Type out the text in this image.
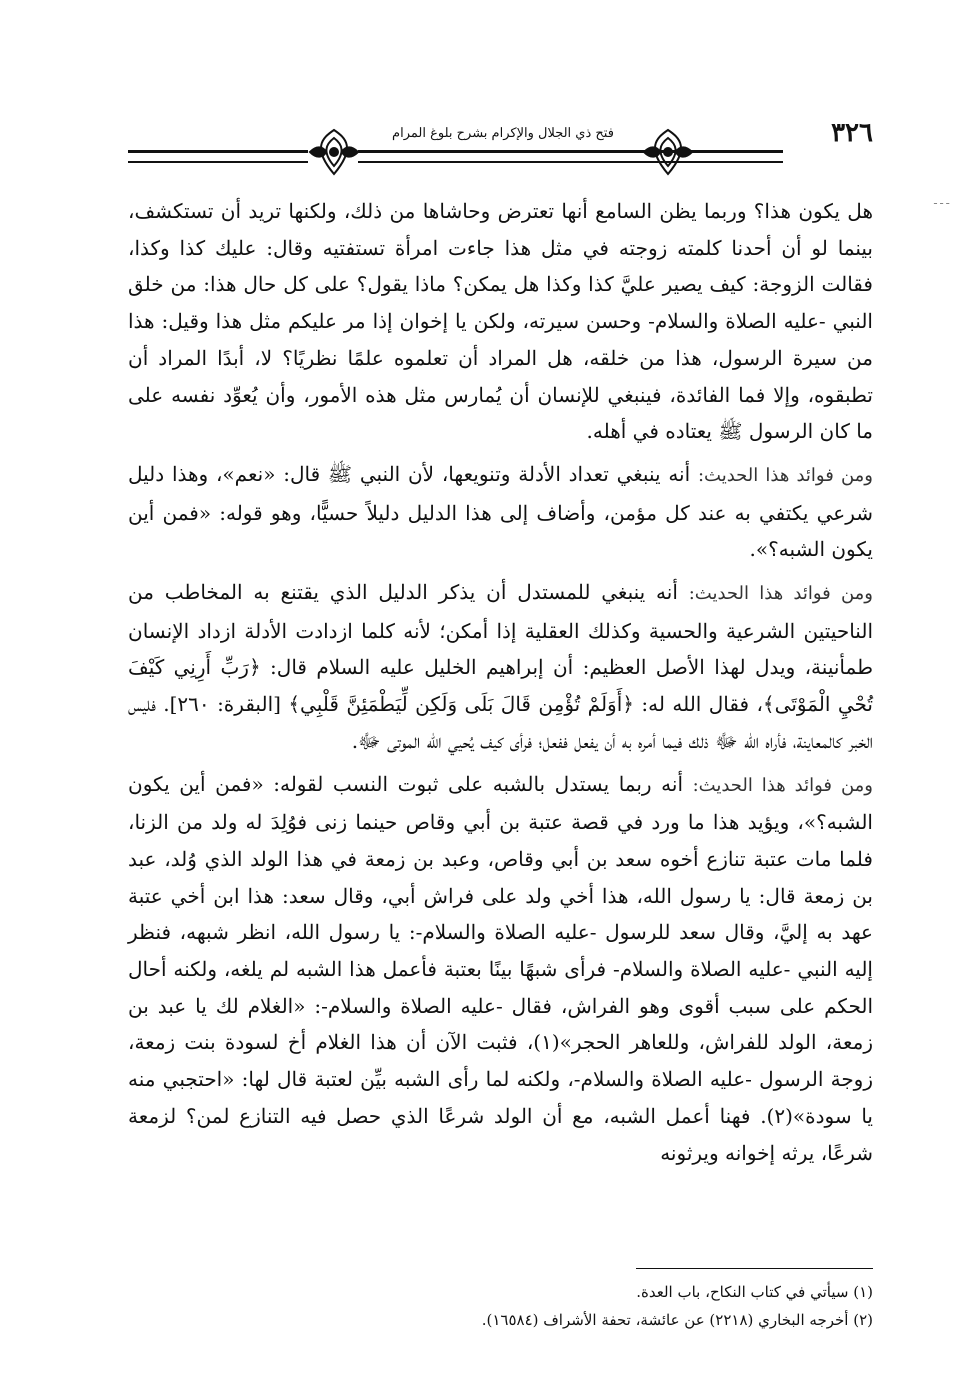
فتح ذي الجلال والإكرام بشرح بلوغ المرام	٣٢٦
ـ ـ ـ

هل يكون هذا؟ وربما يظن السامع أنها تعترض وحاشاها من ذلك، ولكنها تريد أن تستكشف، بينما لو أن أحدنا كلمته زوجته في مثل هذا جاءت امرأة تستفتيه وقال: عليك كذا وكذا، فقالت الزوجة: كيف يصير عليَّ كذا وكذا هل يمكن؟ ماذا يقول؟ على كل حال هذا: من خلق النبي -عليه الصلاة والسلام- وحسن سيرته، ولكن يا إخوان إذا مر عليكم مثل هذا وقيل: هذا من سيرة الرسول، هذا من خلقه، هل المراد أن تعلموه علمًا نظريًا؟ لا، أبدًا المراد أن تطبقوه، وإلا فما الفائدة، فينبغي للإنسان أن يُمارس مثل هذه الأمور، وأن يُعوِّد نفسه على ما كان الرسول ﷺ يعتاده في أهله.

ومن فوائد هذا الحديث: أنه ينبغي تعداد الأدلة وتنويعها، لأن النبي ﷺ قال: «نعم»، وهذا دليل شرعي يكتفي به عند كل مؤمن، وأضاف إلى هذا الدليل دليلاً حسيًّا، وهو قوله: «فمن أين يكون الشبه؟».

ومن فوائد هذا الحديث: أنه ينبغي للمستدل أن يذكر الدليل الذي يقتنع به المخاطب من الناحيتين الشرعية والحسية وكذلك العقلية إذا أمكن؛ لأنه كلما ازدادت الأدلة ازداد الإنسان طمأنينة، ويدل لهذا الأصل العظيم: أن إبراهيم الخليل عليه السلام قال: ﴿رَبِّ أَرِنِي كَيْفَ تُحْيِ الْمَوْتَى﴾، فقال الله له: ﴿أَوَلَمْ تُؤْمِن قَالَ بَلَى وَلَكِن لِّيَطْمَئِنَّ قَلْبِي﴾ [البقرة: ٢٦٠]. فليس الخبر كالمعاينة، فأراه الله ﷻ ذلك فيما أمره به أن يفعل ففعل؛ فرأى كيف يُحيي الله الموتى ﷻ.

ومن فوائد هذا الحديث: أنه ربما يستدل بالشبه على ثبوت النسب لقوله: «فمن أين يكون الشبه؟»، ويؤيد هذا ما ورد في قصة عتبة بن أبي وقاص حينما زنى فوُلِدَ له ولد من الزنا، فلما مات عتبة تنازع أخوه سعد بن أبي وقاص، وعبد بن زمعة في هذا الولد الذي وُلد، عبد بن زمعة قال: يا رسول الله، هذا أخي ولد على فراش أبي، وقال سعد: هذا ابن أخي عتبة عهد به إليَّ، وقال سعد للرسول -عليه الصلاة والسلام-: يا رسول الله، انظر شبهه، فنظر إليه النبي -عليه الصلاة والسلام- فرأى شبهًا بينًا بعتبة فأعمل هذا الشبه لم يلغه، ولكنه أحال الحكم على سبب أقوى وهو الفراش، فقال -عليه الصلاة والسلام-: «الغلام لك يا عبد بن زمعة، الولد للفراش، وللعاهر الحجر»(١)، فثبت الآن أن هذا الغلام أخ لسودة بنت زمعة، زوجة الرسول -عليه الصلاة والسلام-، ولكنه لما رأى الشبه بيِّن لعتبة قال لها: «احتجبي منه يا سودة»(٢). فهنا أعمل الشبه، مع أن الولد شرعًا الذي حصل فيه التنازع لمن؟ لزمعة شرعًا، يرثه إخوانه ويرثونه

(١) سيأتي في كتاب النكاح، باب العدة.
(٢) أخرجه البخاري (٢٢١٨) عن عائشة، تحفة الأشراف (١٦٥٨٤).
